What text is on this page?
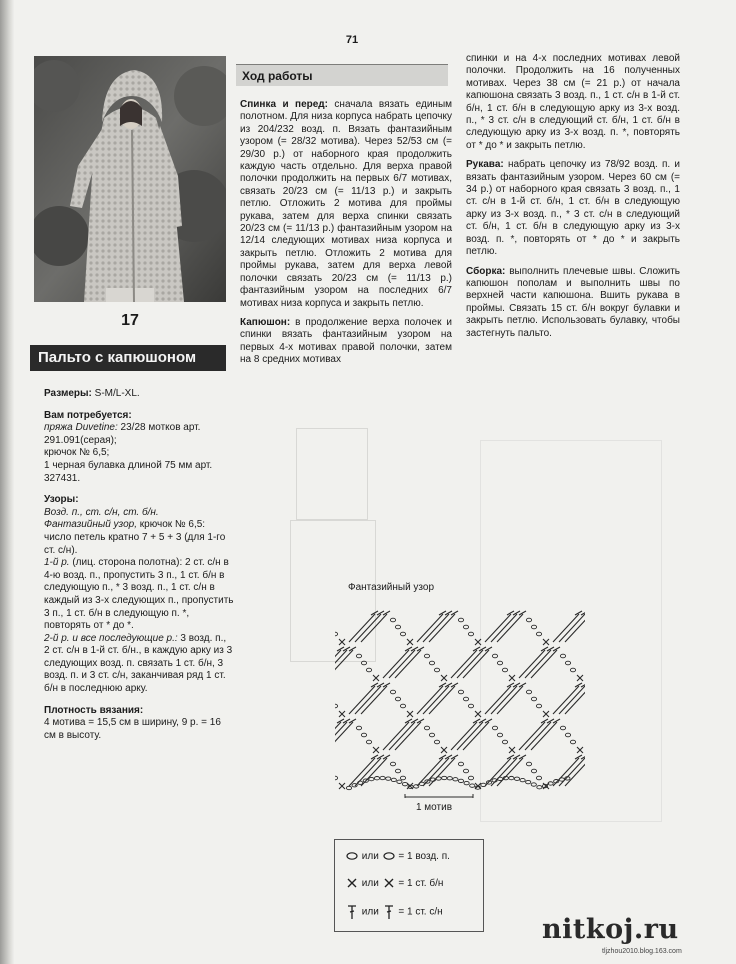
71
17
Пальто с капюшоном

Размеры: S-M/L-XL.

Вам потребуется:

пряжа Duvetine: 23/28 мотков арт. 291.091(серая);

крючок № 6,5;

1 черная булавка длиной 75 мм арт. 327431.

Узоры:

Возд. п., ст. с/н, ст. б/н.

Фантазийный узор, крючок № 6,5: число петель кратно 7 + 5 + 3 (для 1-го ст. с/н).

1-й р. (лиц. сторона полотна): 2 ст. с/н в 4-ю возд. п., пропустить 3 п., 1 ст. б/н в следующую п., * 3 возд. п., 1 ст. с/н в каждый из 3-х следующих п., пропустить 3 п., 1 ст. б/н в следующую п. *, повторять от * до *.

2-й р. и все последующие р.: 3 возд. п., 2 ст. с/н в 1-й ст. б/н., в каждую арку из 3 следующих возд. п. связать 1 ст. б/н, 3 возд. п. и 3 ст. с/н, заканчивая ряд 1 ст. б/н в последнюю арку.

Плотность вязания:

4 мотива = 15,5 см в ширину, 9 р. = 16 см в высоту.

Ход работы

Спинка и перед: сначала вязать единым полотном. Для низа корпуса набрать цепочку из 204/232 возд. п. Вязать фантазийным узором (= 28/32 мотива). Через 52/53 см (= 29/30 р.) от наборного края продолжить каждую часть отдельно. Для верха правой полочки продолжить на первых 6/7 мотивах, связать 20/23 см (= 11/13 р.) и закрыть петлю. Отложить 2 мотива для проймы рукава, затем для верха спинки связать 20/23 см (= 11/13 р.) фантазийным узором на 12/14 следующих мотивах низа корпуса и закрыть петлю. Отложить 2 мотива для проймы рукава, затем для верха левой полочки связать 20/23 см (= 11/13 р.) фантазийным узором на последних 6/7 мотивах низа корпуса и закрыть петлю.

Капюшон: в продолжение верха полочек и спинки вязать фантазийным узором на первых 4-х мотивах правой полочки, затем на 8 средних мотивах

спинки и на 4-х последних мотивах левой полочки. Продолжить на 16 полученных мотивах. Через 38 см (= 21 р.) от начала капюшона связать 3 возд. п., 1 ст. с/н в 1-й ст. б/н, 1 ст. б/н в следующую арку из 3-х возд. п., * 3 ст. с/н в следующий ст. б/н, 1 ст. б/н в следующую арку из 3-х возд. п. *, повторять от * до * и закрыть петлю.

Рукава: набрать цепочку из 78/92 возд. п. и вязать фантазийным узором. Через 60 см (= 34 р.) от наборного края связать 3 возд. п., 1 ст. с/н в 1-й ст. б/н, 1 ст. б/н в следующую арку из 3-х возд. п., * 3 ст. с/н в следующий ст. б/н, 1 ст. б/н в следующую арку из 3-х возд. п. *, повторять от * до * и закрыть петлю.

Сборка: выполнить плечевые швы. Сложить капюшон пополам и выполнить швы по верхней части капюшона. Вшить рукава в проймы. Связать 15 ст. б/н вокруг булавки и закрыть петлю. Использовать булавку, чтобы застегнуть пальто.

Фантазийный узор
1 мотив
или = 1 возд. п.
или = 1 ст. б/н
или = 1 ст. с/н
nitkoj.ru
tljzhou2010.blog.163.com
